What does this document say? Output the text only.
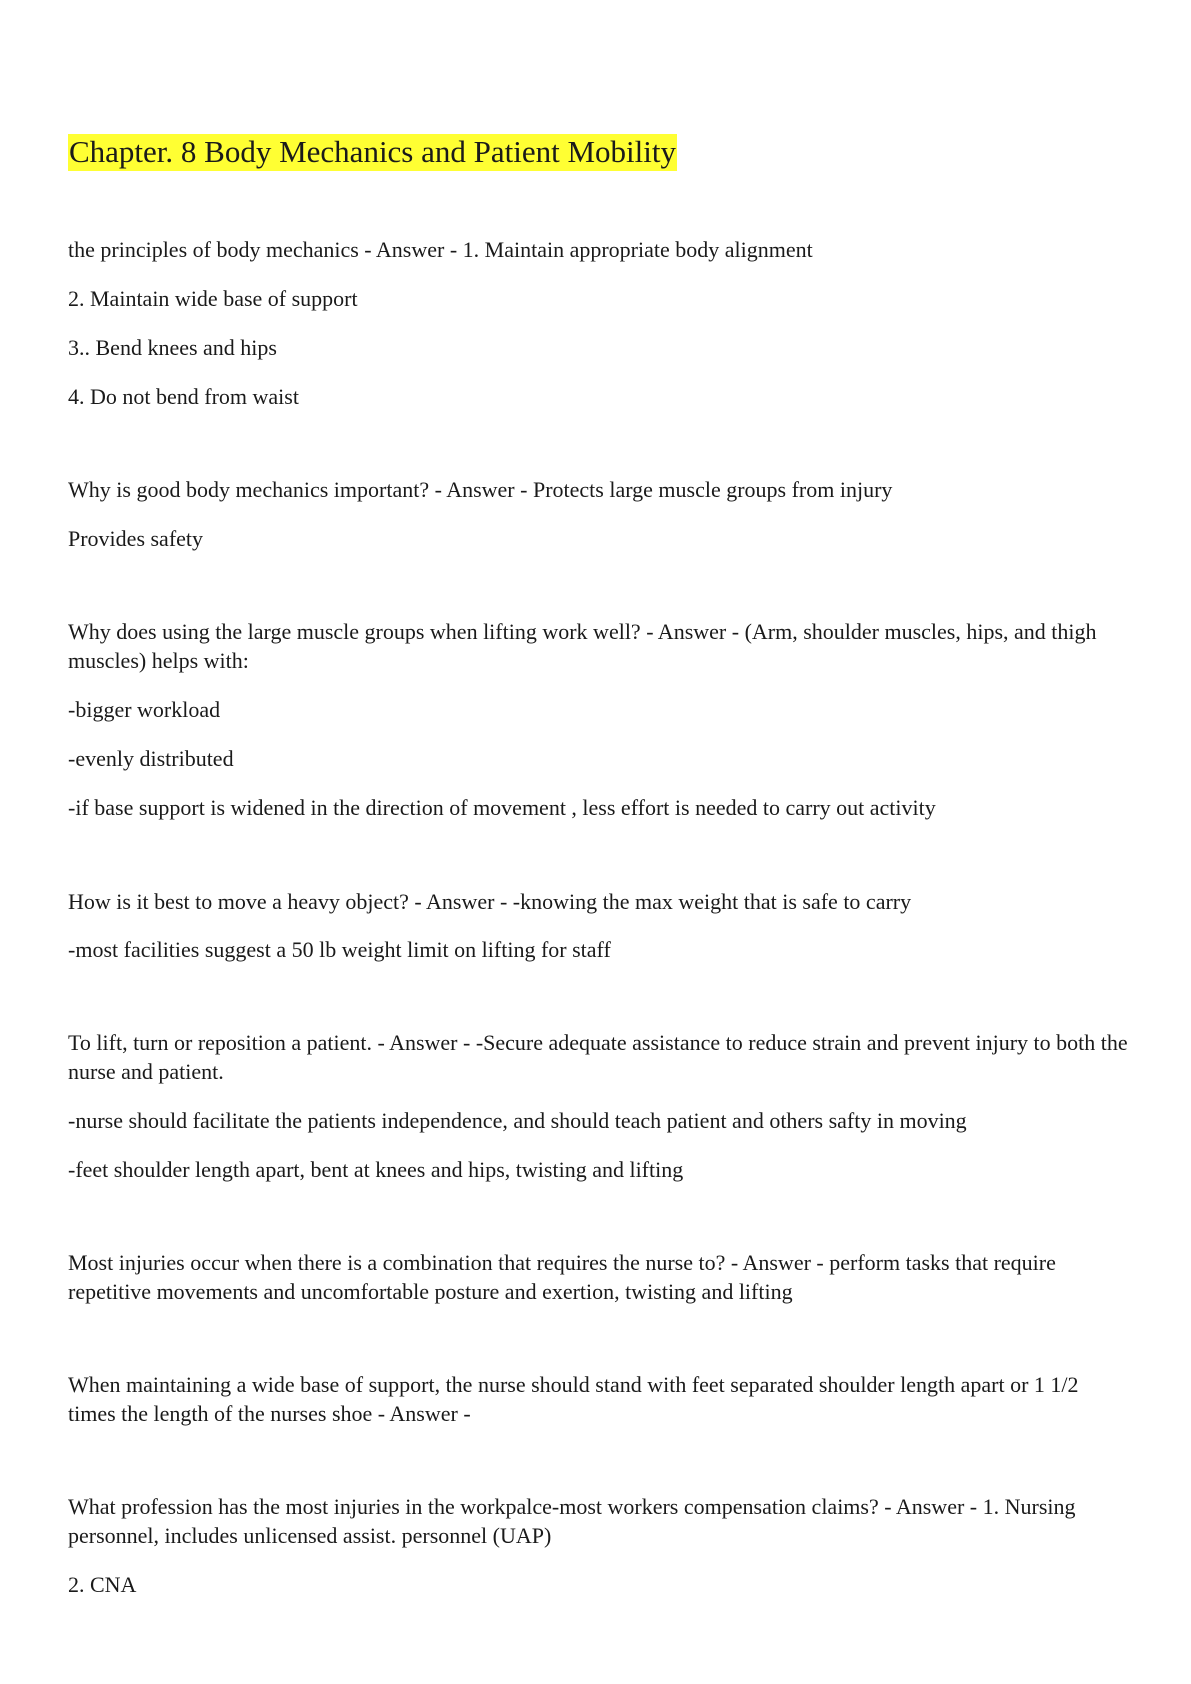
Chapter. 8 Body Mechanics and Patient Mobility

the principles of body mechanics - Answer - 1. Maintain appropriate body alignment

2. Maintain wide base of support

3.. Bend knees and hips

4. Do not bend from waist

Why is good body mechanics important? - Answer - Protects large muscle groups from injury

Provides safety

Why does using the large muscle groups when lifting work well? - Answer - (Arm, shoulder muscles, hips, and thigh muscles) helps with:

-bigger workload

-evenly distributed

-if base support is widened in the direction of movement , less effort is needed to carry out activity

How is it best to move a heavy object? - Answer - -knowing the max weight that is safe to carry

-most facilities suggest a 50 lb weight limit on lifting for staff

To lift, turn or reposition a patient. - Answer - -Secure adequate assistance to reduce strain and prevent injury to both the nurse and patient.

-nurse should facilitate the patients independence, and should teach patient and others safty in moving

-feet shoulder length apart, bent at knees and hips, twisting and lifting

Most injuries occur when there is a combination that requires the nurse to? - Answer - perform tasks that require repetitive movements and uncomfortable posture and exertion, twisting and lifting

When maintaining a wide base of support, the nurse should stand with feet separated shoulder length apart or 1 1/2 times the length of the nurses shoe - Answer -

What profession has the most injuries in the workpalce-most workers compensation claims? - Answer - 1. Nursing personnel, includes unlicensed assist. personnel (UAP)

2. CNA
